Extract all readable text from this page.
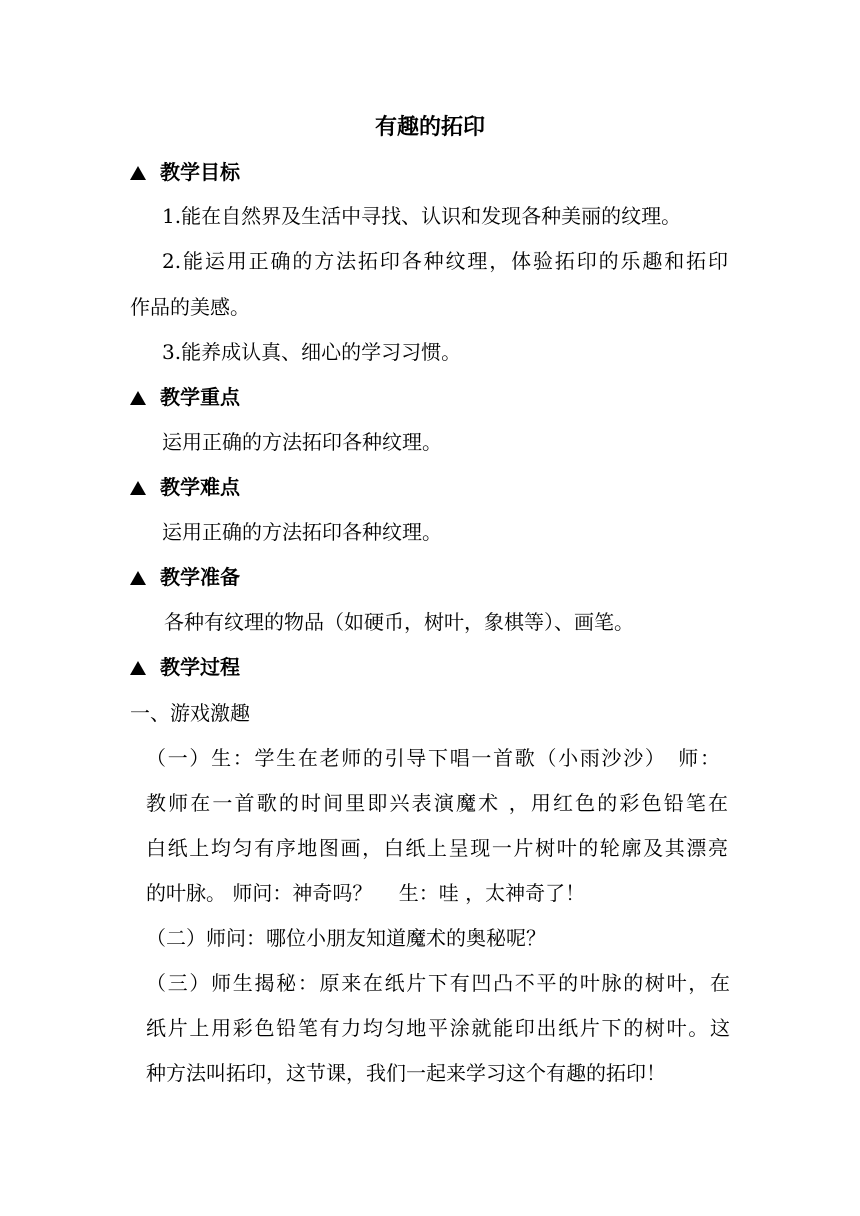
有趣的拓印
教学目标
1.能在自然界及生活中寻找、认识和发现各种美丽的纹理。
2.能运用正确的方法拓印各种纹理，体验拓印的乐趣和拓印
作品的美感。
3.能养成认真、细心的学习习惯。
教学重点
运用正确的方法拓印各种纹理。
教学难点
运用正确的方法拓印各种纹理。
教学准备
各种有纹理的物品（如硬币，树叶，象棋等）、画笔。
教学过程
一、游戏激趣
（一）生：学生在老师的引导下唱一首歌（小雨沙沙）　师：
教师在一首歌的时间里即兴表演魔术 ，用红色的彩色铅笔在
白纸上均匀有序地图画，白纸上呈现一片树叶的轮廓及其漂亮
的叶脉。 师问：神奇吗？　 生：哇 ，太神奇了！
（二）师问：哪位小朋友知道魔术的奥秘呢？
（三）师生揭秘：原来在纸片下有凹凸不平的叶脉的树叶，在
纸片上用彩色铅笔有力均匀地平涂就能印出纸片下的树叶。这
种方法叫拓印，这节课，我们一起来学习这个有趣的拓印！
